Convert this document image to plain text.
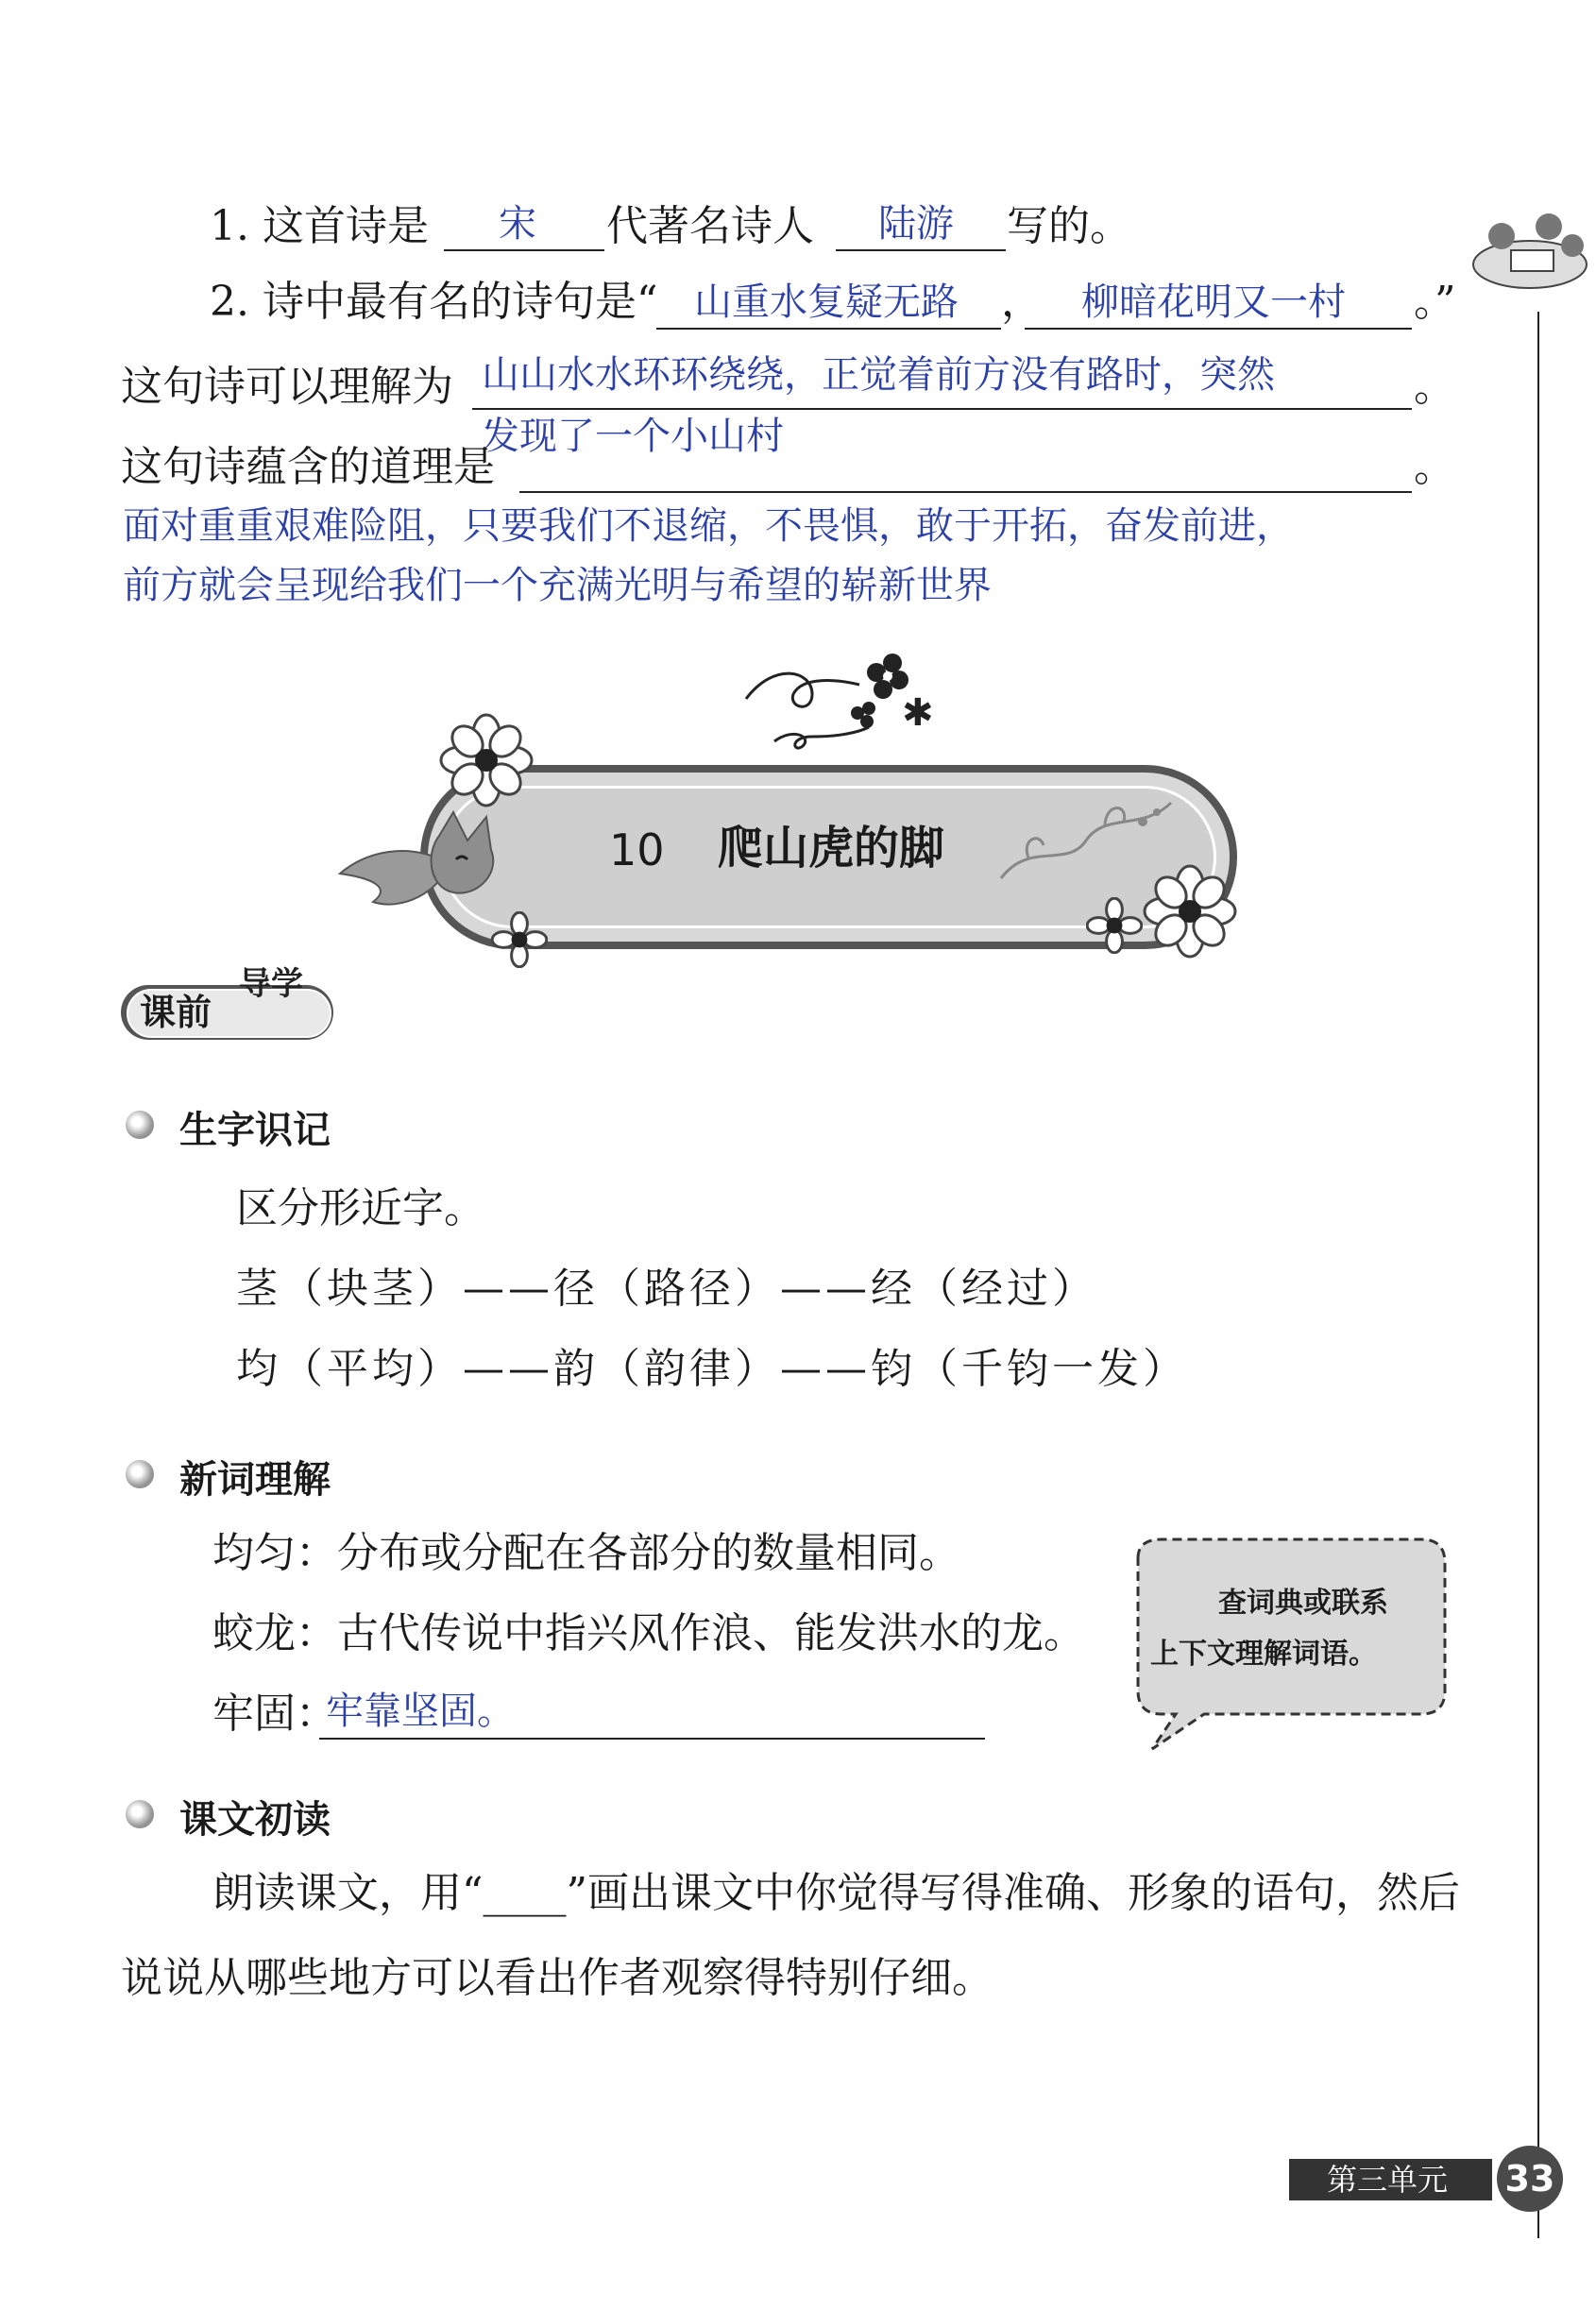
1. 这首诗是 宋 代著名诗人 陆游 写的。
2. 诗中最有名的诗句是“ 山重水复疑无路 ， 柳暗花明又一村 。”
这句诗可以理解为 山山水水环环绕绕，正觉着前方没有路时，突然	。
发现了一个小山村
这句诗蕴含的道理是	。
面对重重艰难险阻，只要我们不退缩，不畏惧，敢于开拓，奋发前进，
前方就会呈现给我们一个充满光明与希望的崭新世界
✱
10 爬山虎的脚
课前
导学
生字识记
区分形近字。
茎（块茎）——径（路径）——经（经过）
均（平均）——韵（韵律）——钧（千钧一发）
新词理解
均匀：分布或分配在各部分的数量相同。
蛟龙：古代传说中指兴风作浪、能发洪水的龙。
牢固：
牢靠坚固。
查词典或联系
上下文理解词语。
课文初读
朗读课文，用“____”画出课文中你觉得写得准确、形象的语句，然后
说说从哪些地方可以看出作者观察得特别仔细。
第三单元 33
